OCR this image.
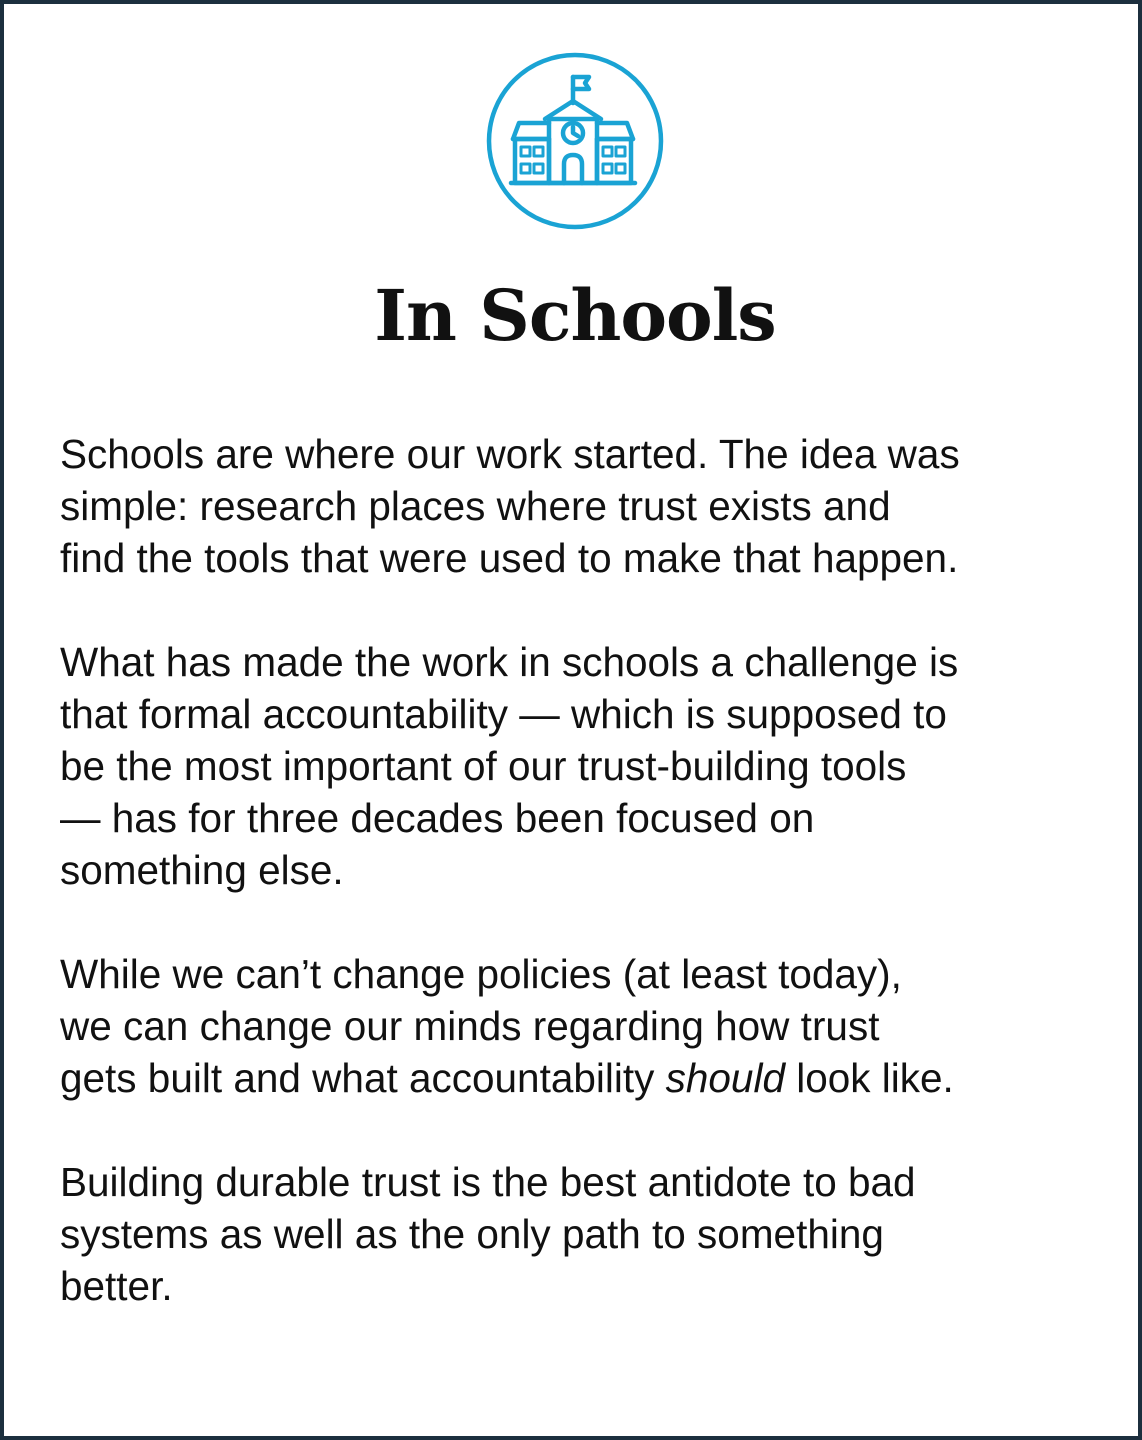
In Schools

Schools are where our work started. The idea was
simple: research places where trust exists and
find the tools that were used to make that happen.

What has made the work in schools a challenge is
that formal accountability — which is supposed to
be the most important of our trust-building tools
— has for three decades been focused on
something else.

While we can’t change policies (at least today),
we can change our minds regarding how trust
gets built and what accountability should look like.

Building durable trust is the best antidote to bad
systems as well as the only path to something
better.
